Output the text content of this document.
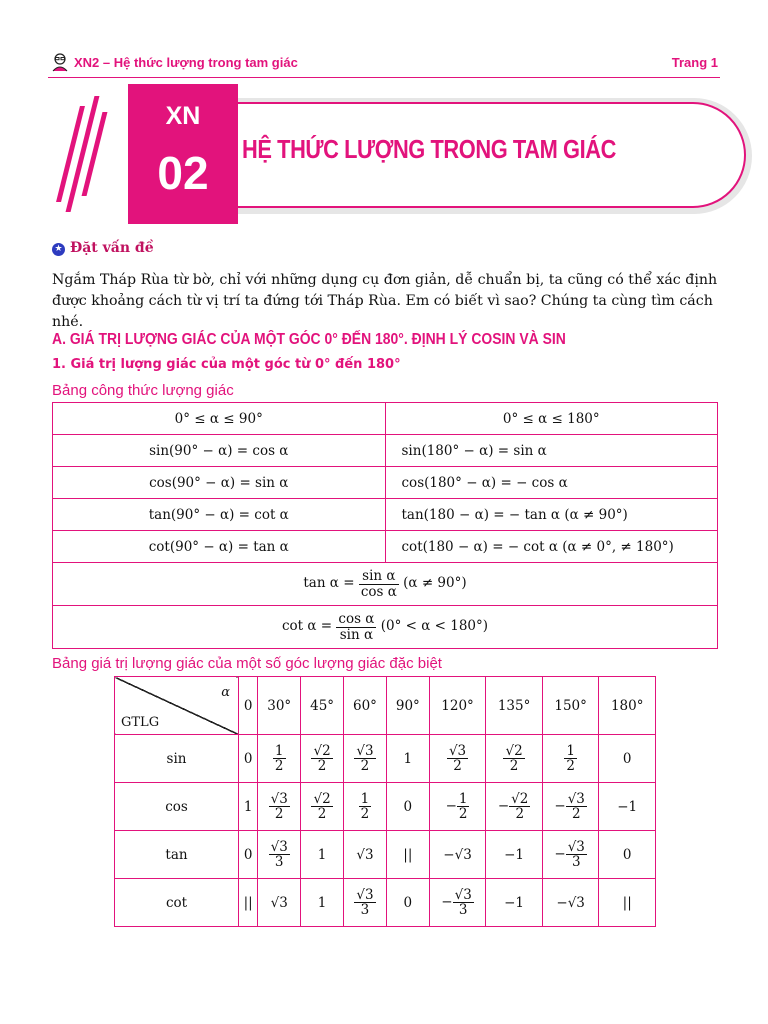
XN2 – Hệ thức lượng trong tam giác	Trang 1
XN
02	HỆ THỨC LƯỢNG TRONG TAM GIÁC
★ Đặt vấn đề
Ngắm Tháp Rùa từ bờ, chỉ với những dụng cụ đơn giản, dễ chuẩn bị, ta cũng có thể xác định được khoảng cách từ vị trí ta đứng tới Tháp Rùa. Em có biết vì sao? Chúng ta cùng tìm cách nhé.
A. GIÁ TRỊ LƯỢNG GIÁC CỦA MỘT GÓC 0° ĐẾN 180°. ĐỊNH LÝ COSIN VÀ SIN
1. Giá trị lượng giác của một góc từ 0° đến 180°
Bảng công thức lượng giác
0° ≤ α ≤ 90°	0° ≤ α ≤ 180°
sin(90° − α) = cos α	sin(180° − α) = sin α
cos(90° − α) = sin α	cos(180° − α) = − cos α
tan(90° − α) = cot α	tan(180 − α) = − tan α (α ≠ 90°)
cot(90° − α) = tan α	cot(180 − α) = − cot α (α ≠ 0°, ≠ 180°)
$\tan \alpha = \frac{\text{sin α}}{\text{cos α}} (\alpha \ne 90^\circ)$	
$\cot \alpha = \frac{\text{cos α}}{\text{sin α}} (0^\circ < \alpha < 180^\circ)$	
Bảng giá trị lượng giác của một số góc lượng giác đặc biệt
α
GTLG	0	30°	45°	60°	90°	120°	135°	150°	180°
sin	0	$\frac{1}{2}$	$\frac{√2}{2}$	$\frac{√3}{2}$	1	$\frac{√3}{2}$	$\frac{√2}{2}$	$\frac{1}{2}$	0
cos	1	$\frac{√3}{2}$	$\frac{√2}{2}$	$\frac{1}{2}$	0	− $\frac{1}{2}$	− $\frac{√2}{2}$	− $\frac{√3}{2}$	−1
tan	0	$\frac{√3}{3}$	1	√3	||	−√3	−1	− $\frac{√3}{3}$	0
cot	||	√3	1	$\frac{√3}{3}$	0	− $\frac{√3}{3}$	−1	−√3	||
